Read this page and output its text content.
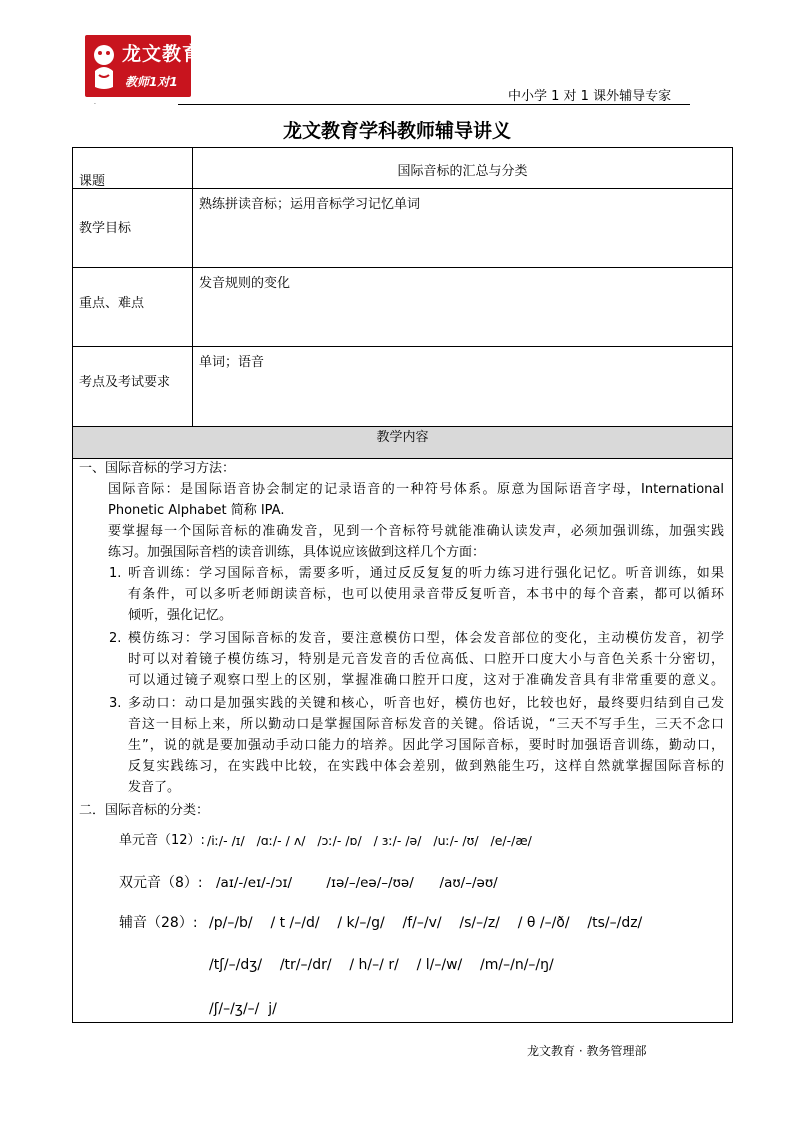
龙文教育
教师1对1
·
中小学 1 对 1 课外辅导专家
龙文教育学科教师辅导讲义
课题
国际音标的汇总与分类
教学目标
熟练拼读音标；运用音标学习记忆单词
重点、难点
发音规则的变化
考点及考试要求
单词；语音
教学内容
一、国际音标的学习方法：
国际音际：是国际语音协会制定的记录语音的一种符号体系。原意为国际语音字母，International
Phonetic Alphabet 简称 IPA.
要掌握每一个国际音标的准确发音，见到一个音标符号就能准确认读发声，必须加强训练，加强实践
练习。加强国际音档的读音训练，具体说应该做到这样几个方面：
1. 听音训练：学习国际音标，需要多听，通过反反复复的听力练习进行强化记忆。听音训练，如果
有条件，可以多听老师朗读音标，也可以使用录音带反复听音，本书中的每个音素，都可以循环
倾听，强化记忆。
2. 模仿练习：学习国际音标的发音，要注意模仿口型，体会发音部位的变化，主动模仿发音，初学
时可以对着镜子模仿练习，特别是元音发音的舌位高低、口腔开口度大小与音色关系十分密切，
可以通过镜子观察口型上的区别，掌握准确口腔开口度，这对于准确发音具有非常重要的意义。
3. 多动口：动口是加强实践的关键和核心，听音也好，模仿也好，比较也好，最终要归结到自己发
音这一目标上来，所以勤动口是掌握国际音标发音的关键。俗话说，“三天不写手生，三天不念口
生”，说的就是要加强动手动口能力的培养。因此学习国际音标，要时时加强语音训练，勤动口，
反复实践练习，在实践中比较，在实践中体会差别，做到熟能生巧，这样自然就掌握国际音标的
发音了。
二．国际音标的分类：
单元音（12）: /iː/- /ɪ/   /ɑː/- / ʌ/   /ɔː/- /ɒ/   / ɜː/- /ə/   /uː/- /ʊ/   /e/-/æ/
双元音（8）: /aɪ/-/eɪ/-/ɔɪ/        /ɪə/–/eə/–/ʊə/      /aʊ/–/əʊ/
辅音（28）: /p/–/b/    / t /–/d/    / k/–/g/    /f/–/v/    /s/–/z/    / θ /–/ð/    /ts/–/dz/
/tʃ/–/dʒ/    /tr/–/dr/    / h/–/ r/    / l/–/w/    /m/–/n/–/ŋ/
/ʃ/–/ʒ/–/  j/
龙文教育 · 教务管理部
